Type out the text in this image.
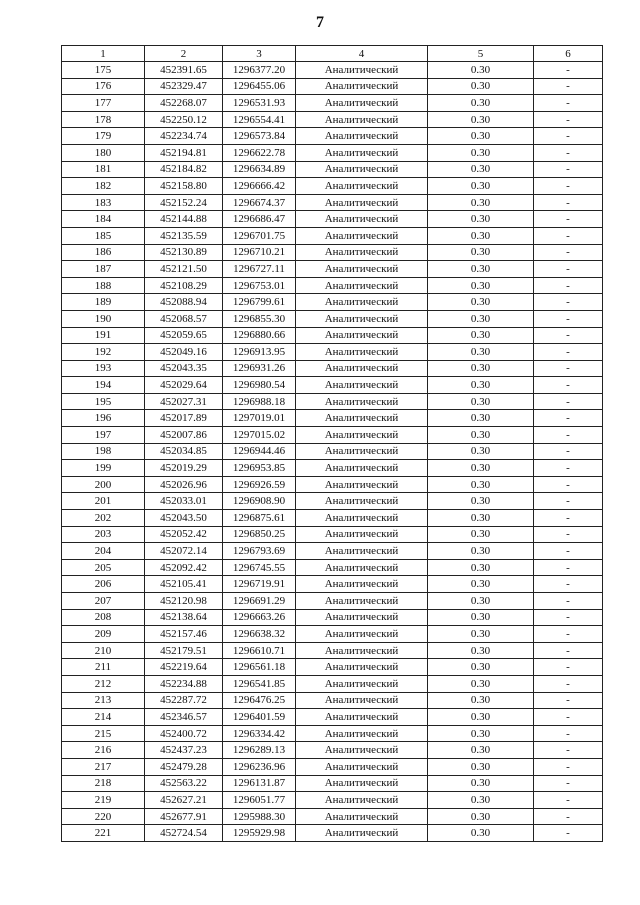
7
1	2	3	4	5	6
175	452391.65	1296377.20	Аналитический	0.30	-
176	452329.47	1296455.06	Аналитический	0.30	-
177	452268.07	1296531.93	Аналитический	0.30	-
178	452250.12	1296554.41	Аналитический	0.30	-
179	452234.74	1296573.84	Аналитический	0.30	-
180	452194.81	1296622.78	Аналитический	0.30	-
181	452184.82	1296634.89	Аналитический	0.30	-
182	452158.80	1296666.42	Аналитический	0.30	-
183	452152.24	1296674.37	Аналитический	0.30	-
184	452144.88	1296686.47	Аналитический	0.30	-
185	452135.59	1296701.75	Аналитический	0.30	-
186	452130.89	1296710.21	Аналитический	0.30	-
187	452121.50	1296727.11	Аналитический	0.30	-
188	452108.29	1296753.01	Аналитический	0.30	-
189	452088.94	1296799.61	Аналитический	0.30	-
190	452068.57	1296855.30	Аналитический	0.30	-
191	452059.65	1296880.66	Аналитический	0.30	-
192	452049.16	1296913.95	Аналитический	0.30	-
193	452043.35	1296931.26	Аналитический	0.30	-
194	452029.64	1296980.54	Аналитический	0.30	-
195	452027.31	1296988.18	Аналитический	0.30	-
196	452017.89	1297019.01	Аналитический	0.30	-
197	452007.86	1297015.02	Аналитический	0.30	-
198	452034.85	1296944.46	Аналитический	0.30	-
199	452019.29	1296953.85	Аналитический	0.30	-
200	452026.96	1296926.59	Аналитический	0.30	-
201	452033.01	1296908.90	Аналитический	0.30	-
202	452043.50	1296875.61	Аналитический	0.30	-
203	452052.42	1296850.25	Аналитический	0.30	-
204	452072.14	1296793.69	Аналитический	0.30	-
205	452092.42	1296745.55	Аналитический	0.30	-
206	452105.41	1296719.91	Аналитический	0.30	-
207	452120.98	1296691.29	Аналитический	0.30	-
208	452138.64	1296663.26	Аналитический	0.30	-
209	452157.46	1296638.32	Аналитический	0.30	-
210	452179.51	1296610.71	Аналитический	0.30	-
211	452219.64	1296561.18	Аналитический	0.30	-
212	452234.88	1296541.85	Аналитический	0.30	-
213	452287.72	1296476.25	Аналитический	0.30	-
214	452346.57	1296401.59	Аналитический	0.30	-
215	452400.72	1296334.42	Аналитический	0.30	-
216	452437.23	1296289.13	Аналитический	0.30	-
217	452479.28	1296236.96	Аналитический	0.30	-
218	452563.22	1296131.87	Аналитический	0.30	-
219	452627.21	1296051.77	Аналитический	0.30	-
220	452677.91	1295988.30	Аналитический	0.30	-
221	452724.54	1295929.98	Аналитический	0.30	-
